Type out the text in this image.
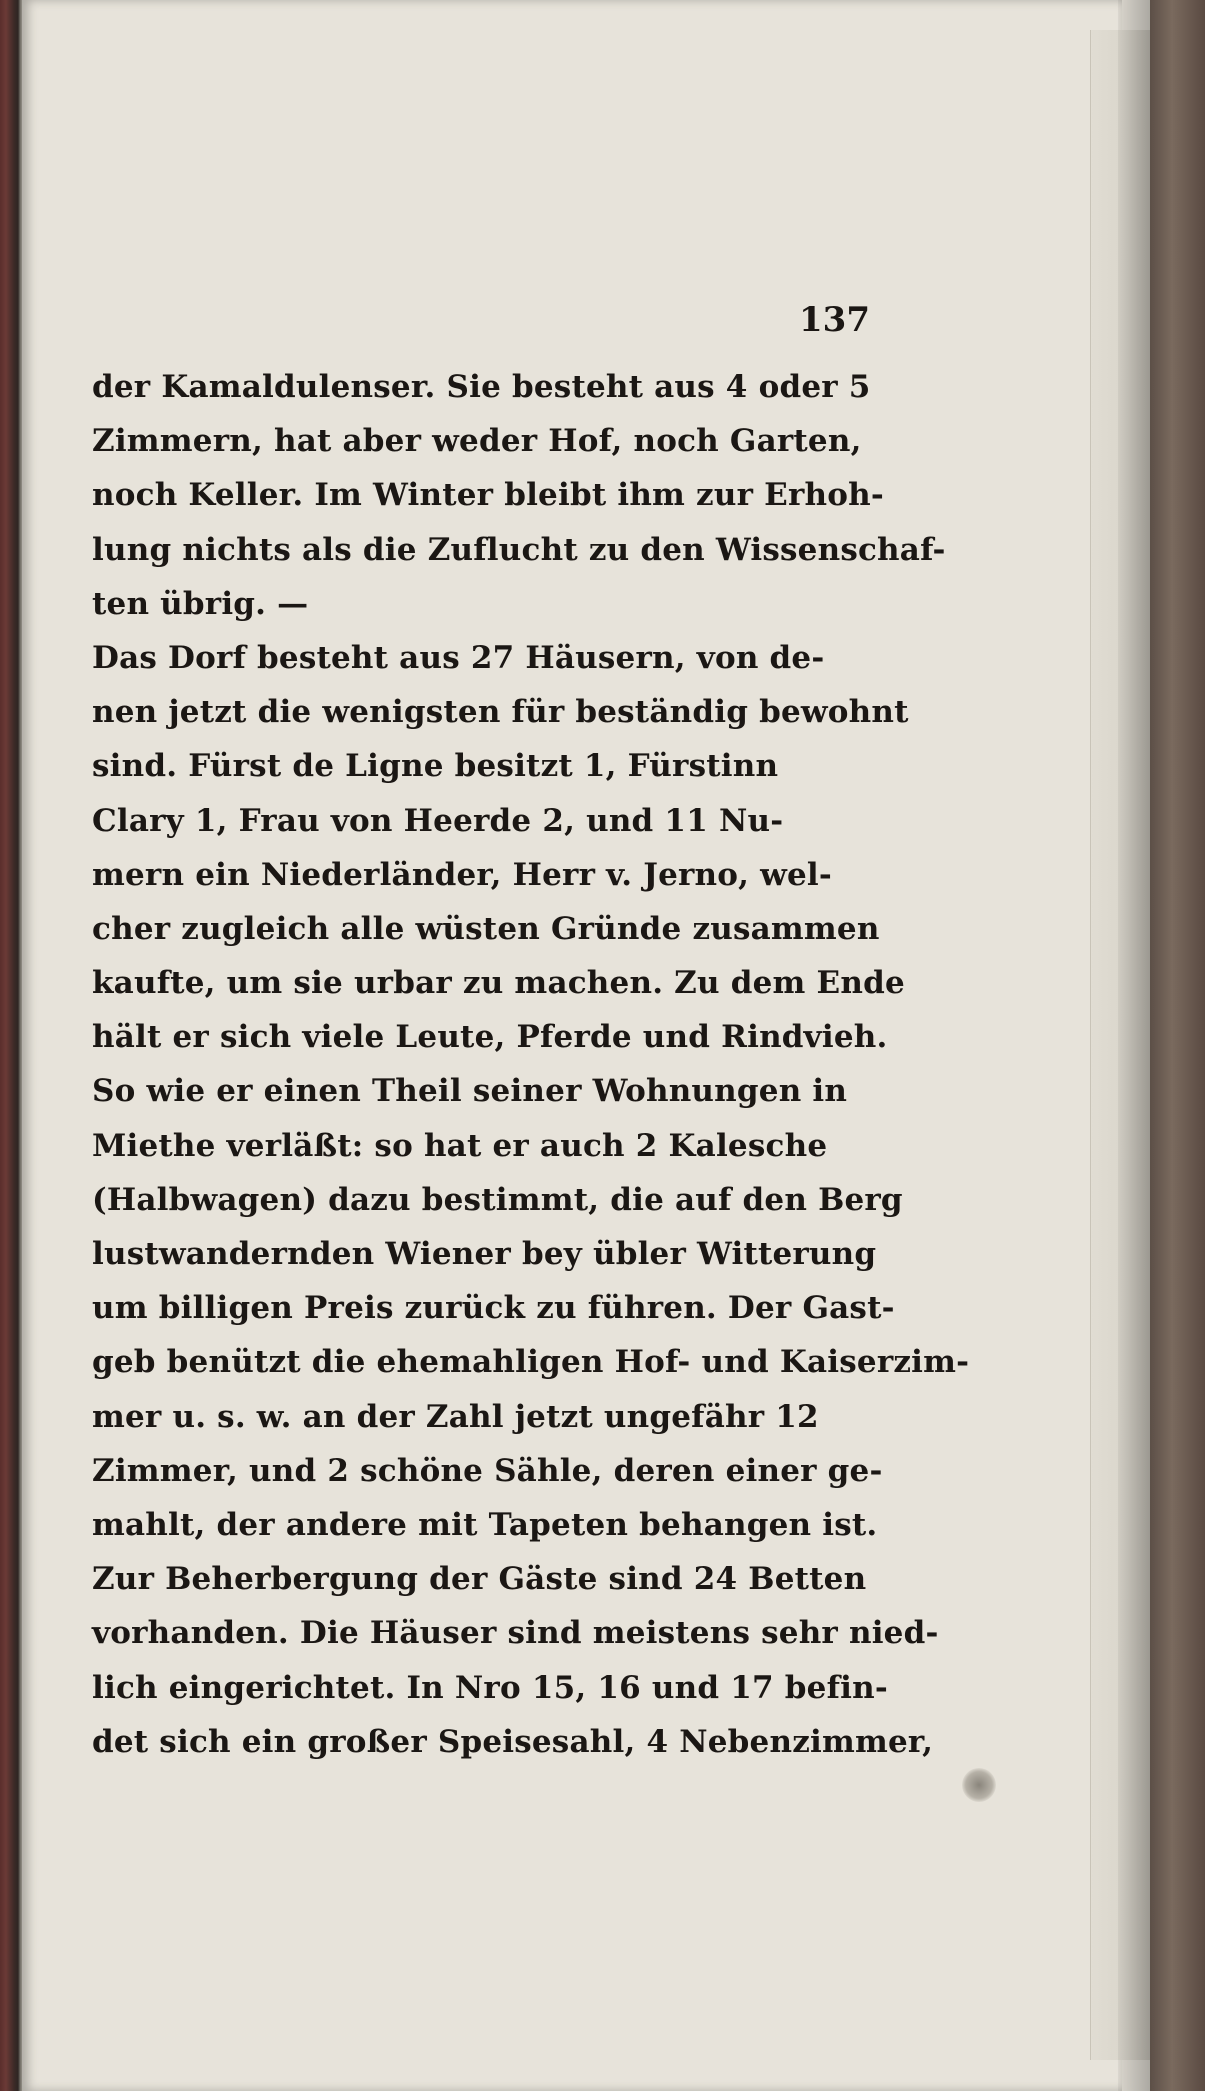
137
der Kamaldulenser. Sie besteht aus 4 oder 5
Zimmern, hat aber weder Hof, noch Garten,
noch Keller. Im Winter bleibt ihm zur Erhoh-
lung nichts als die Zuflucht zu den Wissenschaf-
ten übrig. —
Das Dorf besteht aus 27 Häusern, von de-
nen jetzt die wenigsten für beständig bewohnt
sind. Fürst de Ligne besitzt 1, Fürstinn
Clary 1, Frau von Heerde 2, und 11 Nu-
mern ein Niederländer, Herr v. Jerno, wel-
cher zugleich alle wüsten Gründe zusammen
kaufte, um sie urbar zu machen. Zu dem Ende
hält er sich viele Leute, Pferde und Rindvieh.
So wie er einen Theil seiner Wohnungen in
Miethe verläßt: so hat er auch 2 Kalesche
(Halbwagen) dazu bestimmt, die auf den Berg
lustwandernden Wiener bey übler Witterung
um billigen Preis zurück zu führen. Der Gast-
geb benützt die ehemahligen Hof- und Kaiserzim-
mer u. s. w. an der Zahl jetzt ungefähr 12
Zimmer, und 2 schöne Sähle, deren einer ge-
mahlt, der andere mit Tapeten behangen ist.
Zur Beherbergung der Gäste sind 24 Betten
vorhanden. Die Häuser sind meistens sehr nied-
lich eingerichtet. In Nro 15, 16 und 17 befin-
det sich ein großer Speisesahl, 4 Nebenzimmer,
